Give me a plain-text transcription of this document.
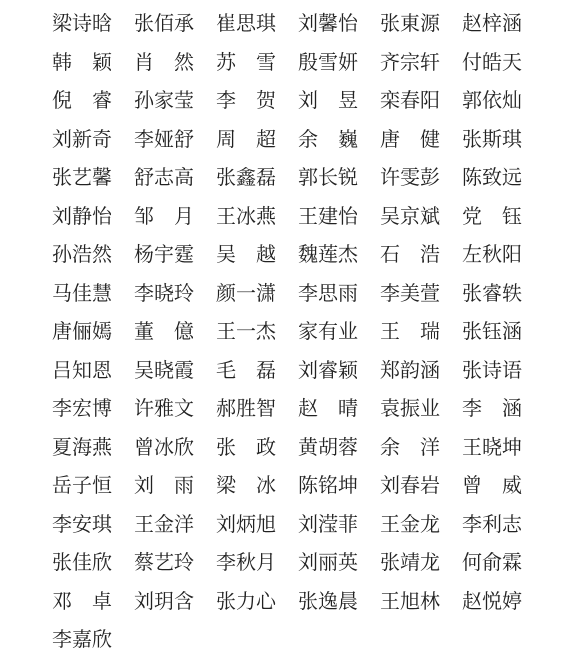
梁 诗 晗 张 佰 承 崔 思 琪 刘 馨 怡 张 東 源 赵 梓 涵
韩 颖 肖 然 苏 雪 殷 雪 妍 齐 宗 轩 付 皓 天
倪 睿 孙 家 莹 李 贺 刘 昱 栾 春 阳 郭 依 灿
刘 新 奇 李 娅 舒 周 超 余 巍 唐 健 张 斯 琪
张 艺 馨 舒 志 高 张 鑫 磊 郭 长 锐 许 雯 彭 陈 致 远
刘 静 怡 邹 月 王 冰 燕 王 建 怡 吴 京 斌 党 钰
孙 浩 然 杨 宇 霆 吴 越 魏 莲 杰 石 浩 左 秋 阳
马 佳 慧 李 晓 玲 颜 一 潇 李 思 雨 李 美 萱 张 睿 轶
唐 俪 嫣 董 億 王 一 杰 家 有 业 王 瑞 张 钰 涵
吕 知 恩 吴 晓 霞 毛 磊 刘 睿 颖 郑 韵 涵 张 诗 语
李 宏 博 许 雅 文 郝 胜 智 赵 晴 袁 振 业 李 涵
夏 海 燕 曾 冰 欣 张 政 黄 胡 蓉 余 洋 王 晓 坤
岳 子 恒 刘 雨 梁 冰 陈 铭 坤 刘 春 岩 曾 威
李 安 琪 王 金 洋 刘 炳 旭 刘 滢 菲 王 金 龙 李 利 志
张 佳 欣 蔡 艺 玲 李 秋 月 刘 丽 英 张 靖 龙 何 俞 霖
邓 卓 刘 玥 含 张 力 心 张 逸 晨 王 旭 林 赵 悦 婷
李 嘉 欣
